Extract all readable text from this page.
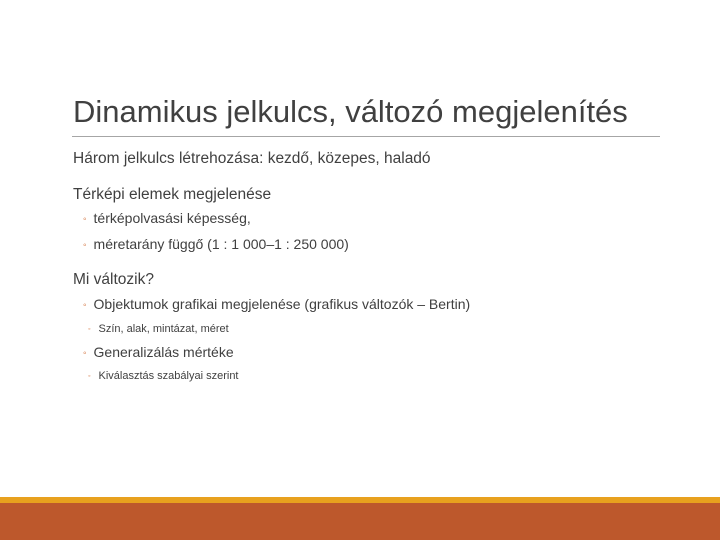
Dinamikus jelkulcs, változó megjelenítés
Három jelkulcs létrehozása: kezdő, közepes, haladó
Térképi elemek megjelenése
◦ térképolvasási képesség,
◦ méretarány függő (1 : 1 000–1 : 250 000)
Mi változik?
◦ Objektumok grafikai megjelenése (grafikus változók – Bertin)
◦ Szín, alak, mintázat, méret
◦ Generalizálás mértéke
◦ Kiválasztás szabályai szerint
